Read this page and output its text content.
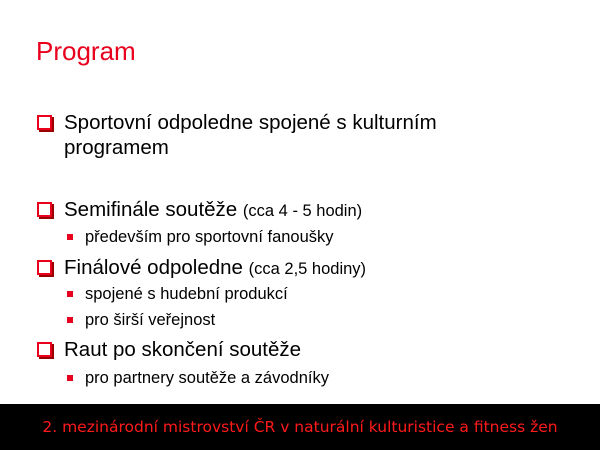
Program
Sportovní odpoledne spojené s kulturním
programem
Semifinále soutěže (cca 4 - 5 hodin)
především pro sportovní fanoušky
Finálové odpoledne (cca 2,5 hodiny)
spojené s hudební produkcí
pro širší veřejnost
Raut po skončení soutěže
pro partnery soutěže a závodníky
2. mezinárodní mistrovství ČR v naturální kulturistice a fitness žen
